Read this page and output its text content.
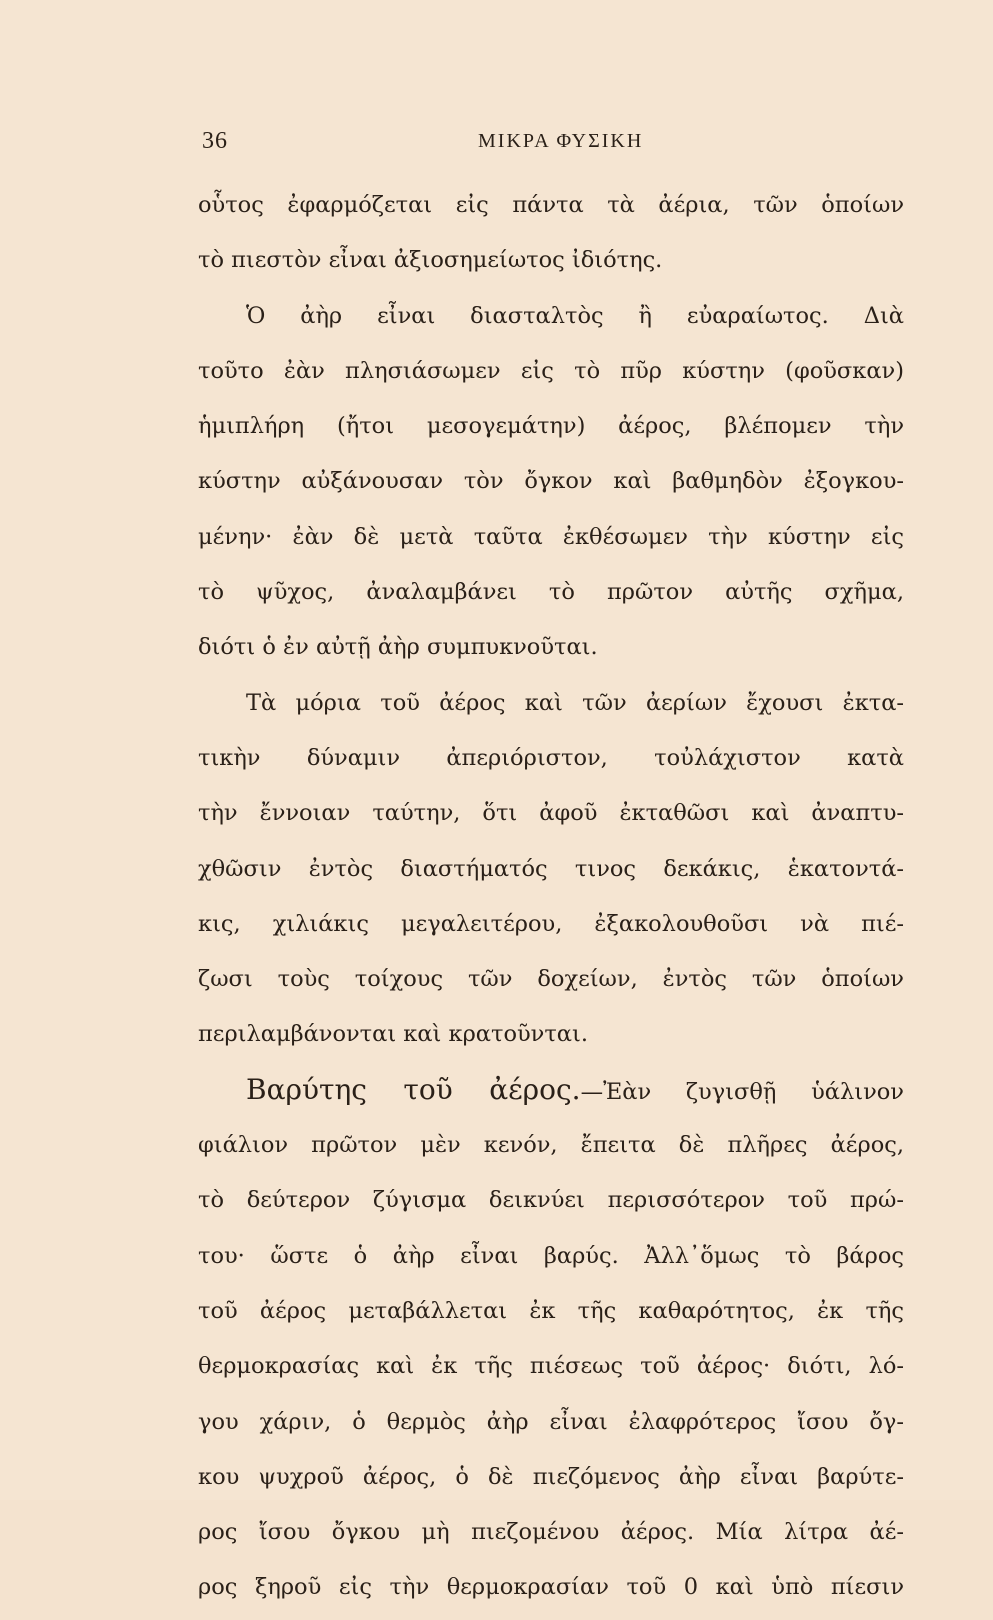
36	ΜΙΚΡΑ ΦΥΣΙΚΗ
οὗτος ἐφαρμόζεται εἰς πάντα τὰ ἀέρια, τῶν ὁποίων
τὸ πιεστὸν εἶναι ἀξιοσημείωτος ἰδιότης.
Ὁ ἀὴρ εἶναι διασταλτὸς ἢ εὐαραίωτος. Διὰ
τοῦτο ἐὰν πλησιάσωμεν εἰς τὸ πῦρ κύστην (φοῦσκαν)
ἡμιπλήρη (ἤτοι μεσογεμάτην) ἀέρος, βλέπομεν τὴν
κύστην αὐξάνουσαν τὸν ὄγκον καὶ βαθμηδὸν ἐξογκου-
μένην· ἐὰν δὲ μετὰ ταῦτα ἐκθέσωμεν τὴν κύστην εἰς
τὸ ψῦχος, ἀναλαμβάνει τὸ πρῶτον αὐτῆς σχῆμα,
διότι ὁ ἐν αὐτῇ ἀὴρ συμπυκνοῦται.
Τὰ μόρια τοῦ ἀέρος καὶ τῶν ἀερίων ἔχουσι ἐκτα-
τικὴν δύναμιν ἀπεριόριστον, τοὐλάχιστον κατὰ
τὴν ἔννοιαν ταύτην, ὅτι ἀφοῦ ἐκταθῶσι καὶ ἀναπτυ-
χθῶσιν ἐντὸς διαστήματός τινος δεκάκις, ἑκατοντά-
κις, χιλιάκις μεγαλειτέρου, ἐξακολουθοῦσι νὰ πιέ-
ζωσι τοὺς τοίχους τῶν δοχείων, ἐντὸς τῶν ὁποίων
περιλαμβάνονται καὶ κρατοῦνται.
Βαρύτης τοῦ ἀέρος.—Ἐὰν ζυγισθῇ ὑάλινον
φιάλιον πρῶτον μὲν κενόν, ἔπειτα δὲ πλῆρες ἀέρος,
τὸ δεύτερον ζύγισμα δεικνύει περισσότερον τοῦ πρώ-
του· ὥστε ὁ ἀὴρ εἶναι βαρύς. Ἀλλ᾽ὅμως τὸ βάρος
τοῦ ἀέρος μεταβάλλεται ἐκ τῆς καθαρότητος, ἐκ τῆς
θερμοκρασίας καὶ ἐκ τῆς πιέσεως τοῦ ἀέρος· διότι, λό-
γου χάριν, ὁ θερμὸς ἀὴρ εἶναι ἐλαφρότερος ἴσου ὄγ-
κου ψυχροῦ ἀέρος, ὁ δὲ πιεζόμενος ἀὴρ εἶναι βαρύτε-
ρος ἴσου ὄγκου μὴ πιεζομένου ἀέρος. Μία λίτρα ἀέ-
ρος ξηροῦ εἰς τὴν θερμοκρασίαν τοῦ 0 καὶ ὑπὸ πίεσιν
